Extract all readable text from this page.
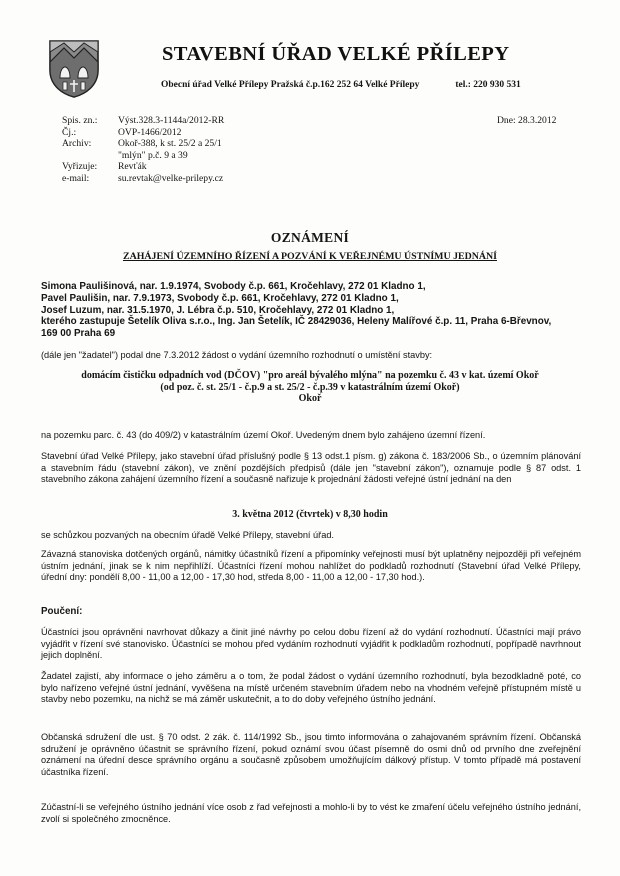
STAVEBNÍ ÚŘAD VELKÉ PŘÍLEPY
Obecní úřad Velké Přílepy Pražská č.p.162 252 64 Velké Přílepy	tel.: 220 930 531
Spis. zn.:	Výst.328.3-1144a/2012-RR
Čj.:	OVP-1466/2012
Archiv:	Okoř-388, k st. 25/2 a 25/1
"mlýn" p.č. 9 a 39
Vyřizuje:	Revťák
e-mail:	su.revtak@velke-prilepy.cz
Dne: 28.3.2012
OZNÁMENÍ
ZAHÁJENÍ ÚZEMNÍHO ŘÍZENÍ A POZVÁNÍ K VEŘEJNÉMU ÚSTNÍMU JEDNÁNÍ
Simona Paulišinová, nar. 1.9.1974, Svobody č.p. 661, Kročehlavy, 272 01 Kladno 1,
Pavel Paulišin, nar. 7.9.1973, Svobody č.p. 661, Kročehlavy, 272 01 Kladno 1,
Josef Luzum, nar. 31.5.1970, J. Lébra č.p. 510, Kročehlavy, 272 01 Kladno 1,
kterého zastupuje Šetelík Oliva s.r.o., Ing. Jan Šetelík, IČ 28429036, Heleny Malířové č.p. 11, Praha 6-Břevnov,
169 00 Praha 69
(dále jen "žadatel") podal dne 7.3.2012 žádost o vydání územního rozhodnutí o umístění stavby:
domácím čističku odpadních vod (DČOV) "pro areál bývalého mlýna" na pozemku č. 43 v kat. území Okoř
(od poz. č. st. 25/1 - č.p.9 a st. 25/2 - č.p.39 v katastrálním území Okoř)
Okoř
na pozemku parc. č. 43 (do 409/2) v katastrálním území Okoř. Uvedeným dnem bylo zahájeno územní řízení.
Stavební úřad Velké Přílepy, jako stavební úřad příslušný podle § 13 odst.1 písm. g) zákona č. 183/2006 Sb., o územním plánování a stavebním řádu (stavební zákon), ve znění pozdějších předpisů (dále jen "stavební zákon"), oznamuje podle § 87 odst. 1 stavebního zákona zahájení územního řízení a současně nařizuje k projednání žádosti veřejné ústní jednání na den
3. května 2012 (čtvrtek) v 8,30 hodin
se schůzkou pozvaných na obecním úřadě Velké Přílepy, stavební úřad.
Závazná stanoviska dotčených orgánů, námitky účastníků řízení a připomínky veřejnosti musí být uplatněny nejpozději při veřejném ústním jednání, jinak se k nim nepřihlíží. Účastníci řízení mohou nahlížet do podkladů rozhodnutí (Stavební úřad Velké Přílepy, úřední dny: pondělí 8,00 - 11,00 a 12,00 - 17,30 hod, středa 8,00 - 11,00 a 12,00 - 17,30 hod.).
Poučení:
Účastníci jsou oprávněni navrhovat důkazy a činit jiné návrhy po celou dobu řízení až do vydání rozhodnutí. Účastníci mají právo vyjádřit v řízení své stanovisko. Účastníci se mohou před vydáním rozhodnutí vyjádřit k podkladům rozhodnutí, popřípadě navrhnout jejich doplnění.
Žadatel zajistí, aby informace o jeho záměru a o tom, že podal žádost o vydání územního rozhodnutí, byla bezodkladně poté, co bylo nařízeno veřejné ústní jednání, vyvěšena na místě určeném stavebním úřadem nebo na vhodném veřejně přístupném místě u stavby nebo pozemku, na nichž se má záměr uskutečnit, a to do doby veřejného ústního jednání.
Občanská sdružení dle ust. § 70 odst. 2 zák. č. 114/1992 Sb., jsou timto informována o zahajovaném správním řízení. Občanská sdružení je oprávněno účastnit se správního řízení, pokud oznámí svou účast písemně do osmi dnů od prvního dne zveřejnění oznámení na úřední desce správního orgánu a současně způsobem umožňujícím dálkový přístup. V tomto případě má postavení účastníka řízení.
Zúčastní-li se veřejného ústního jednání více osob z řad veřejnosti a mohlo-li by to vést ke zmaření účelu veřejného ústního jednání, zvolí si společného zmocněnce.
